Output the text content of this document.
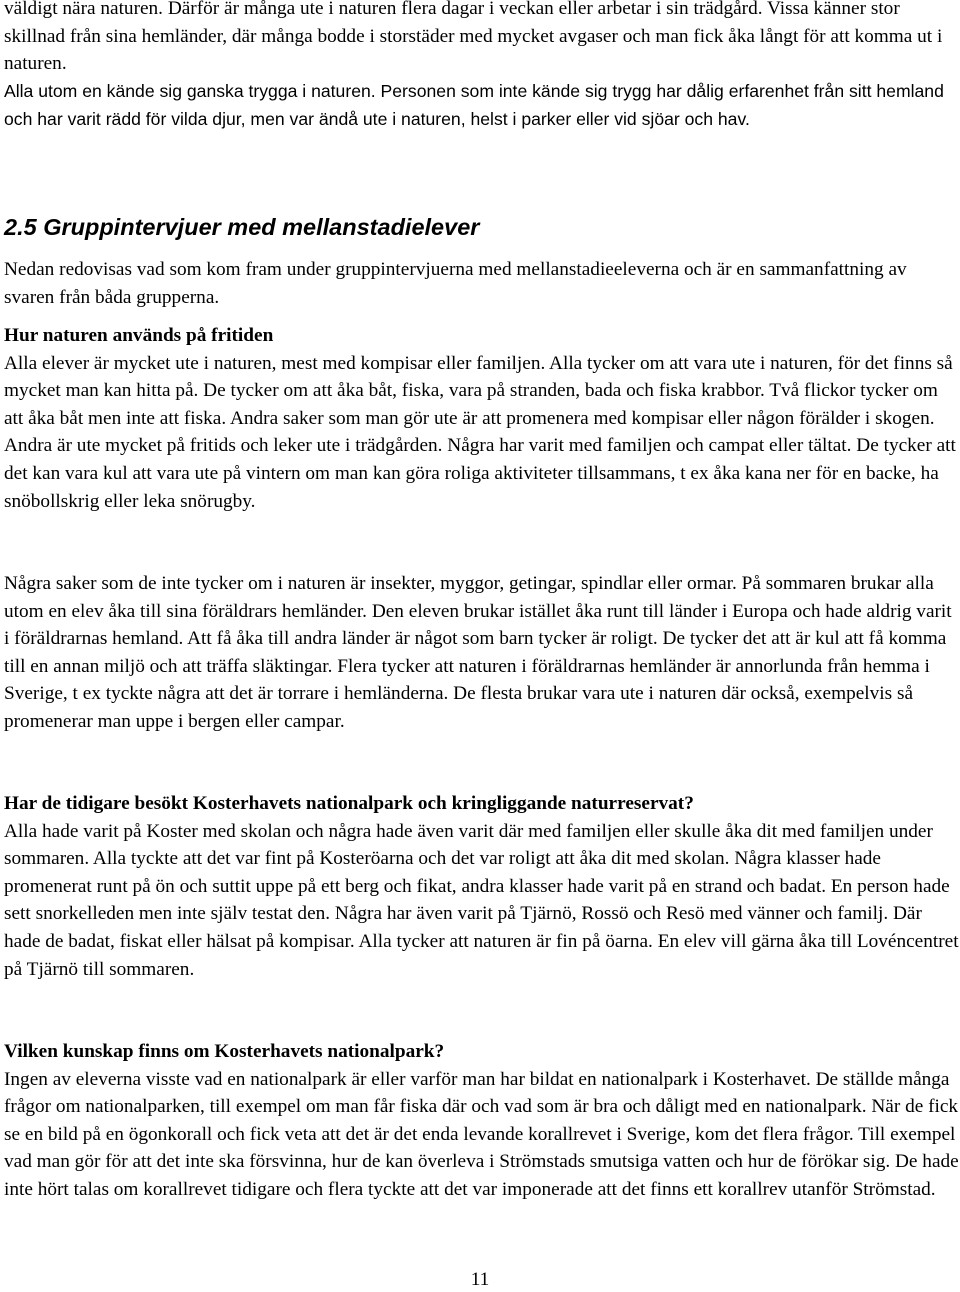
väldigt nära naturen. Därför är många ute i naturen flera dagar i veckan eller arbetar i sin trädgård. Vissa känner stor skillnad från sina hemländer, där många bodde i storstäder med mycket avgaser och man fick åka långt för att komma ut i naturen.

Alla utom en kände sig ganska trygga i naturen. Personen som inte kände sig trygg har dålig erfarenhet från sitt hemland och har varit rädd för vilda djur, men var ändå ute i naturen, helst i parker eller vid sjöar och hav.

2.5 Gruppintervjuer med mellanstadielever

Nedan redovisas vad som kom fram under gruppintervjuerna med mellanstadieeleverna och är en sammanfattning av svaren från båda grupperna.

Hur naturen används på fritiden

Alla elever är mycket ute i naturen, mest med kompisar eller familjen. Alla tycker om att vara ute i naturen, för det finns så mycket man kan hitta på. De tycker om att åka båt, fiska, vara på stranden, bada och fiska krabbor. Två flickor tycker om att åka båt men inte att fiska. Andra saker som man gör ute är att promenera med kompisar eller någon förälder i skogen. Andra är ute mycket på fritids och leker ute i trädgården. Några har varit med familjen och campat eller tältat. De tycker att det kan vara kul att vara ute på vintern om man kan göra roliga aktiviteter tillsammans, t ex åka kana ner för en backe, ha snöbollskrig eller leka snörugby.

Några saker som de inte tycker om i naturen är insekter, myggor, getingar, spindlar eller ormar. På sommaren brukar alla utom en elev åka till sina föräldrars hemländer. Den eleven brukar istället åka runt till länder i Europa och hade aldrig varit i föräldrarnas hemland. Att få åka till andra länder är något som barn tycker är roligt. De tycker det att är kul att få komma till en annan miljö och att träffa släktingar. Flera tycker att naturen i föräldrarnas hemländer är annorlunda från hemma i Sverige, t ex tyckte några att det är torrare i hemländerna. De flesta brukar vara ute i naturen där också, exempelvis så promenerar man uppe i bergen eller campar.

Har de tidigare besökt Kosterhavets nationalpark och kringliggande naturreservat?

Alla hade varit på Koster med skolan och några hade även varit där med familjen eller skulle åka dit med familjen under sommaren. Alla tyckte att det var fint på Kosteröarna och det var roligt att åka dit med skolan. Några klasser hade promenerat runt på ön och suttit uppe på ett berg och fikat, andra klasser hade varit på en strand och badat. En person hade sett snorkelleden men inte själv testat den. Några har även varit på Tjärnö, Rossö och Resö med vänner och familj. Där hade de badat, fiskat eller hälsat på kompisar. Alla tycker att naturen är fin på öarna. En elev vill gärna åka till Lovéncentret på Tjärnö till sommaren.

Vilken kunskap finns om Kosterhavets nationalpark?

Ingen av eleverna visste vad en nationalpark är eller varför man har bildat en nationalpark i Kosterhavet. De ställde många frågor om nationalparken, till exempel om man får fiska där och vad som är bra och dåligt med en nationalpark. När de fick se en bild på en ögonkorall och fick veta att det är det enda levande korallrevet i Sverige, kom det flera frågor. Till exempel vad man gör för att det inte ska försvinna, hur de kan överleva i Strömstads smutsiga vatten och hur de förökar sig. De hade inte hört talas om korallrevet tidigare och flera tyckte att det var imponerade att det finns ett korallrev utanför Strömstad.

11
